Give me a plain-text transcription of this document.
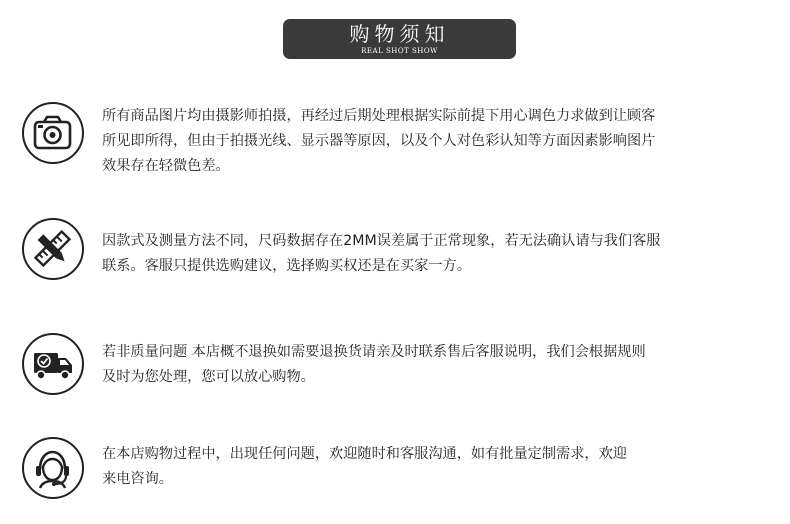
购物须知
REAL SHOT SHOW
所有商品图片均由摄影师拍摄，再经过后期处理根据实际前提下用心调色力求做到让顾客
所见即所得，但由于拍摄光线、显示器等原因，以及个人对色彩认知等方面因素影响图片
效果存在轻微色差。
因款式及测量方法不同，尺码数据存在2MM误差属于正常现象，若无法确认请与我们客服
联系。客服只提供选购建议，选择购买权还是在买家一方。
若非质量问题 本店概不退换如需要退换货请亲及时联系售后客服说明，我们会根据规则
及时为您处理，您可以放心购物。
在本店购物过程中，出现任何问题，欢迎随时和客服沟通，如有批量定制需求，欢迎
来电咨询。
